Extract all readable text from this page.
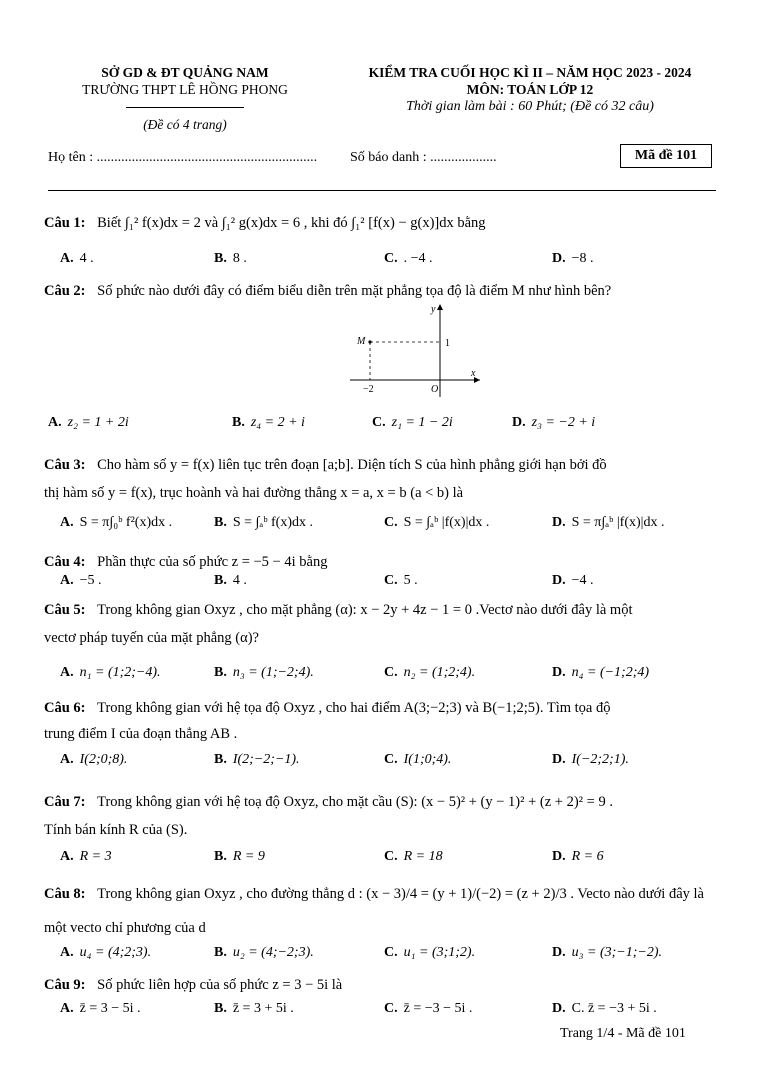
SỞ GD & ĐT QUẢNG NAM
TRƯỜNG THPT LÊ HỒNG PHONG
(Đề có 4 trang)
KIỂM TRA CUỐI HỌC KÌ II – NĂM HỌC 2023 - 2024
MÔN: TOÁN LỚP 12
Thời gian làm bài : 60 Phút; (Đề có 32 câu)
Họ tên : ............................................................... Số báo danh : ...................	Mã đề 101
Câu 1: Biết ∫₁² f(x)dx = 2 và ∫₁² g(x)dx = 6 , khi đó ∫₁² [f(x) − g(x)]dx bằng
A. 4 .	B. 8 .	C. . −4 .	D. −8 .
Câu 2: Số phức nào dưới đây có điểm biểu diễn trên mặt phẳng tọa độ là điểm M như hình bên?
M
y
x
O
1
−2
A. z₂ = 1 + 2i	B. z₄ = 2 + i	C. z₁ = 1 − 2i	D. z₃ = −2 + i
Câu 3: Cho hàm số y = f(x) liên tục trên đoạn [a;b]. Diện tích S của hình phẳng giới hạn bởi đồ
thị hàm số y = f(x), trục hoành và hai đường thẳng x = a, x = b (a < b) là
A. S = π∫₀ᵇ f²(x)dx .	B. S = ∫ₐᵇ f(x)dx .	C. S = ∫ₐᵇ |f(x)|dx .	D. S = π∫ₐᵇ |f(x)|dx .
Câu 4: Phần thực của số phức z = −5 − 4i bằng
A. −5 .	B. 4 .	C. 5 .	D. −4 .
Câu 5: Trong không gian Oxyz , cho mặt phẳng (α): x − 2y + 4z − 1 = 0 .Vectơ nào dưới đây là một
vectơ pháp tuyến của mặt phẳng (α)?
A. n₁ = (1;2;−4).	B. n₃ = (1;−2;4).	C. n₂ = (1;2;4).	D. n₄ = (−1;2;4)
Câu 6: Trong không gian với hệ tọa độ Oxyz , cho hai điểm A(3;−2;3) và B(−1;2;5). Tìm tọa độ
trung điểm I của đoạn thẳng AB .
A. I(2;0;8).	B. I(2;−2;−1).	C. I(1;0;4).	D. I(−2;2;1).
Câu 7: Trong không gian với hệ toạ độ Oxyz, cho mặt cầu (S): (x − 5)² + (y − 1)² + (z + 2)² = 9 .
Tính bán kính R của (S).
A. R = 3	B. R = 9	C. R = 18	D. R = 6
Câu 8: Trong không gian Oxyz , cho đường thẳng d : (x − 3)/4 = (y + 1)/(−2) = (z + 2)/3 . Vecto nào dưới đây là
một vecto chỉ phương của d
A. u₄ = (4;2;3).	B. u₂ = (4;−2;3).	C. u₁ = (3;1;2).	D. u₃ = (3;−1;−2).
Câu 9: Số phức liên hợp của số phức z = 3 − 5i là
A. z̄ = 3 − 5i .	B. z̄ = 3 + 5i .	C. z̄ = −3 − 5i .	D. C. z̄ = −3 + 5i .
Trang 1/4 - Mã đề 101
